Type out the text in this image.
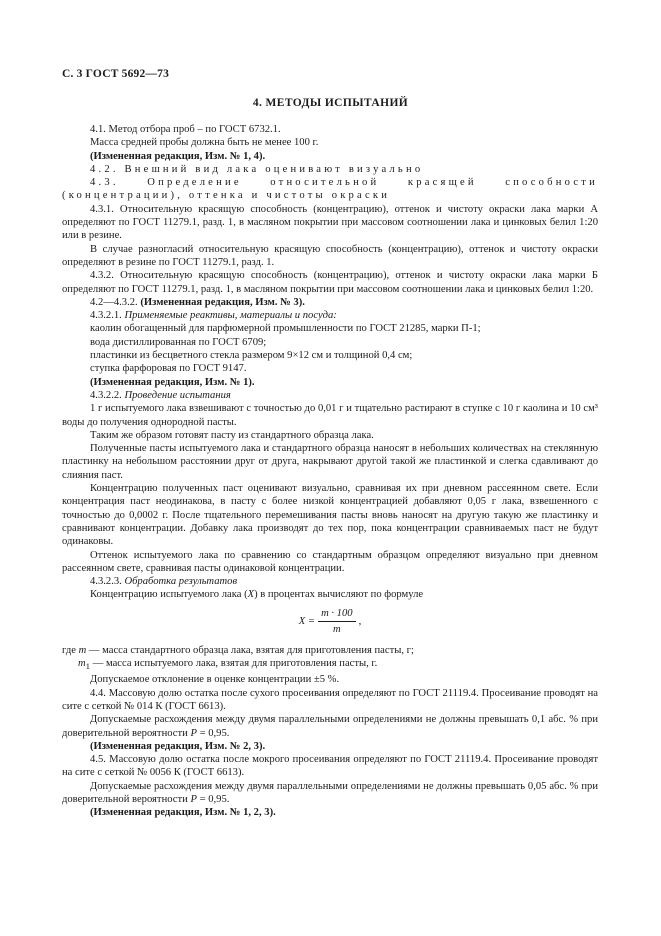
С. 3 ГОСТ 5692—73
4. МЕТОДЫ ИСПЫТАНИЙ

4.1. Метод отбора проб – по ГОСТ 6732.1.

Масса средней пробы должна быть не менее 100 г.

(Измененная редакция, Изм. № 1, 4).

4.2. Внешний вид лака оценивают визуально

4.3. Определение относительной красящей способности (концентрации), оттенка и чистоты окраски

4.3.1. Относительную красящую способность (концентрацию), оттенок и чистоту окраски лака марки А определяют по ГОСТ 11279.1, разд. 1, в масляном покрытии при массовом соотношении лака и цинковых белил 1:20 или в резине.

В случае разногласий относительную красящую способность (концентрацию), оттенок и чистоту окраски определяют в резине по ГОСТ 11279.1, разд. 1.

4.3.2. Относительную красящую способность (концентрацию), оттенок и чистоту окраски лака марки Б определяют по ГОСТ 11279.1, разд. 1, в масляном покрытии при массовом соотношении лака и цинковых белил 1:20.

4.2—4.3.2. (Измененная редакция, Изм. № 3).

4.3.2.1. Применяемые реактивы, материалы и посуда:

каолин обогащенный для парфюмерной промышленности по ГОСТ 21285, марки П-1;

вода дистиллированная по ГОСТ 6709;

пластинки из бесцветного стекла размером 9×12 см и толщиной 0,4 см;

ступка фарфоровая по ГОСТ 9147.

(Измененная редакция, Изм. № 1).

4.3.2.2. Проведение испытания

1 г испытуемого лака взвешивают с точностью до 0,01 г и тщательно растирают в ступке с 10 г каолина и 10 см³ воды до получения однородной пасты.

Таким же образом готовят пасту из стандартного образца лака.

Полученные пасты испытуемого лака и стандартного образца наносят в небольших количествах на стеклянную пластинку на небольшом расстоянии друг от друга, накрывают другой такой же пластинкой и слегка сдавливают до слияния паст.

Концентрацию полученных паст оценивают визуально, сравнивая их при дневном рассеянном свете. Если концентрация паст неодинакова, в пасту с более низкой концентрацией добавляют 0,05 г лака, взвешенного с точностью до 0,0002 г. После тщательного перемешивания пасты вновь наносят на другую такую же пластинку и сравнивают концентрации. Добавку лака производят до тех пор, пока концентрации сравниваемых паст не будут одинаковы.

Оттенок испытуемого лака по сравнению со стандартным образцом определяют визуально при дневном рассеянном свете, сравнивая пасты одинаковой концентрации.

4.3.2.3. Обработка результатов

Концентрацию испытуемого лака (X) в процентах вычисляют по формуле

$X = \frac{m \cdot 100}{m}$ ,

где m — масса стандартного образца лака, взятая для приготовления пасты, г;

$m_1$ — масса испытуемого лака, взятая для приготовления пасты, г.

Допускаемое отклонение в оценке концентрации ±5 %.

4.4. Массовую долю остатка после сухого просеивания определяют по ГОСТ 21119.4. Просеивание проводят на сите с сеткой № 014 К (ГОСТ 6613).

Допускаемые расхождения между двумя параллельными определениями не должны превышать 0,1 абс. % при доверительной вероятности P = 0,95.

(Измененная редакция, Изм. № 2, 3).

4.5. Массовую долю остатка после мокрого просеивания определяют по ГОСТ 21119.4. Просеивание проводят на сите с сеткой № 0056 К (ГОСТ 6613).

Допускаемые расхождения между двумя параллельными определениями не должны превышать 0,05 абс. % при доверительной вероятности P = 0,95.

(Измененная редакция, Изм. № 1, 2, 3).
